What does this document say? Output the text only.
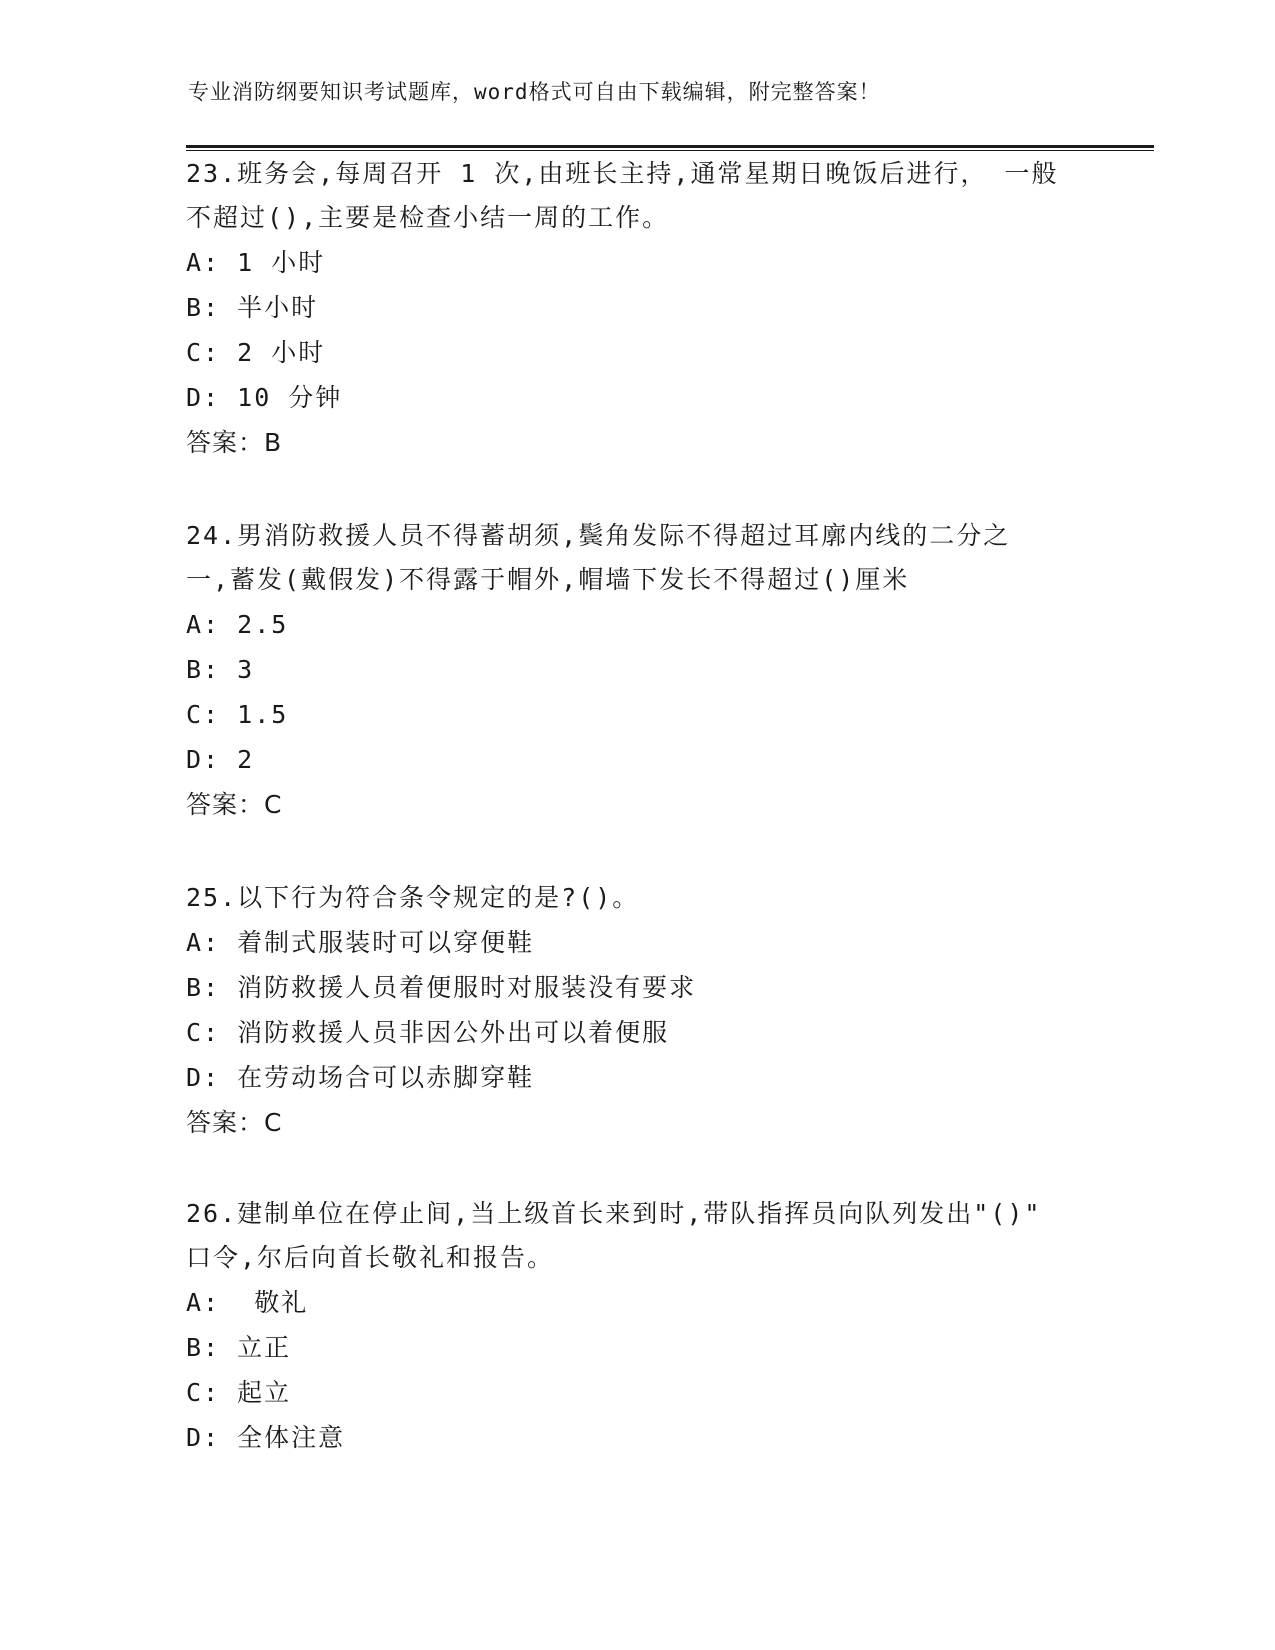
专业消防纲要知识考试题库，word格式可自由下载编辑，附完整答案！
23.班务会,每周召开 1 次,由班长主持,通常星期日晚饭后进行， 一般
不超过(),主要是检查小结一周的工作。
A: 1 小时
B: 半小时
C: 2 小时
D: 10 分钟
答案：B
24.男消防救援人员不得蓄胡须,鬓角发际不得超过耳廓内线的二分之
一,蓄发(戴假发)不得露于帽外,帽墙下发长不得超过()厘米
A: 2.5
B: 3
C: 1.5
D: 2
答案：C
25.以下行为符合条令规定的是?()。
A: 着制式服装时可以穿便鞋
B: 消防救援人员着便服时对服装没有要求
C: 消防救援人员非因公外出可以着便服
D: 在劳动场合可以赤脚穿鞋
答案：C
26.建制单位在停止间,当上级首长来到时,带队指挥员向队列发出"()"
口令,尔后向首长敬礼和报告。
A:  敬礼
B: 立正
C: 起立
D: 全体注意
